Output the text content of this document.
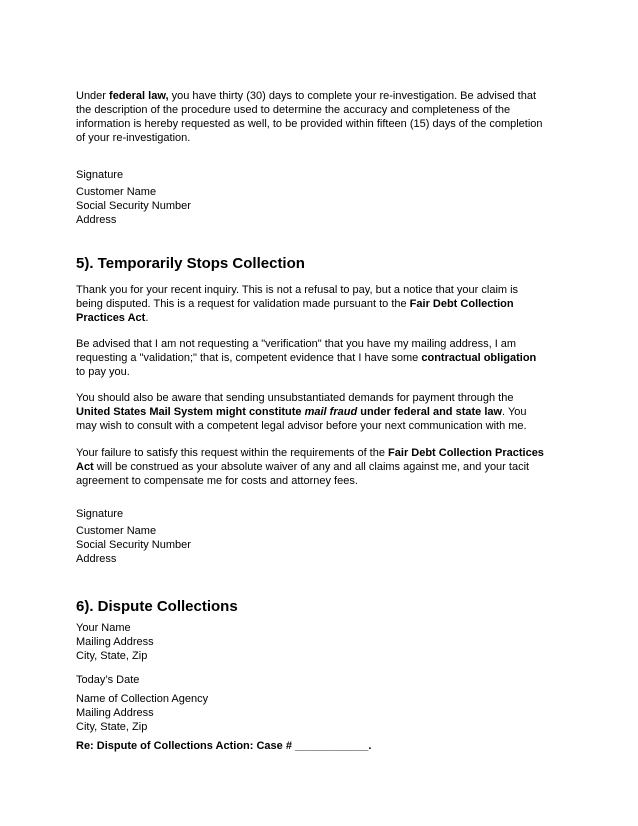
Under federal law, you have thirty (30) days to complete your re-investigation. Be advised that
the description of the procedure used to determine the accuracy and completeness of the
information is hereby requested as well, to be provided within fifteen (15) days of the completion
of your re-investigation.

Signature

Customer Name
Social Security Number
Address

5). Temporarily Stops Collection

Thank you for your recent inquiry. This is not a refusal to pay, but a notice that your claim is
being disputed. This is a request for validation made pursuant to the Fair Debt Collection
Practices Act.

Be advised that I am not requesting a "verification" that you have my mailing address, I am
requesting a "validation;" that is, competent evidence that I have some contractual obligation
to pay you.

You should also be aware that sending unsubstantiated demands for payment through the
United States Mail System might constitute mail fraud under federal and state law. You
may wish to consult with a competent legal advisor before your next communication with me.

Your failure to satisfy this request within the requirements of the Fair Debt Collection Practices
Act will be construed as your absolute waiver of any and all claims against me, and your tacit
agreement to compensate me for costs and attorney fees.

Signature

Customer Name
Social Security Number
Address

6). Dispute Collections

Your Name
Mailing Address
City, State, Zip

Today’s Date

Name of Collection Agency
Mailing Address
City, State, Zip

Re: Dispute of Collections Action: Case # ____________.
